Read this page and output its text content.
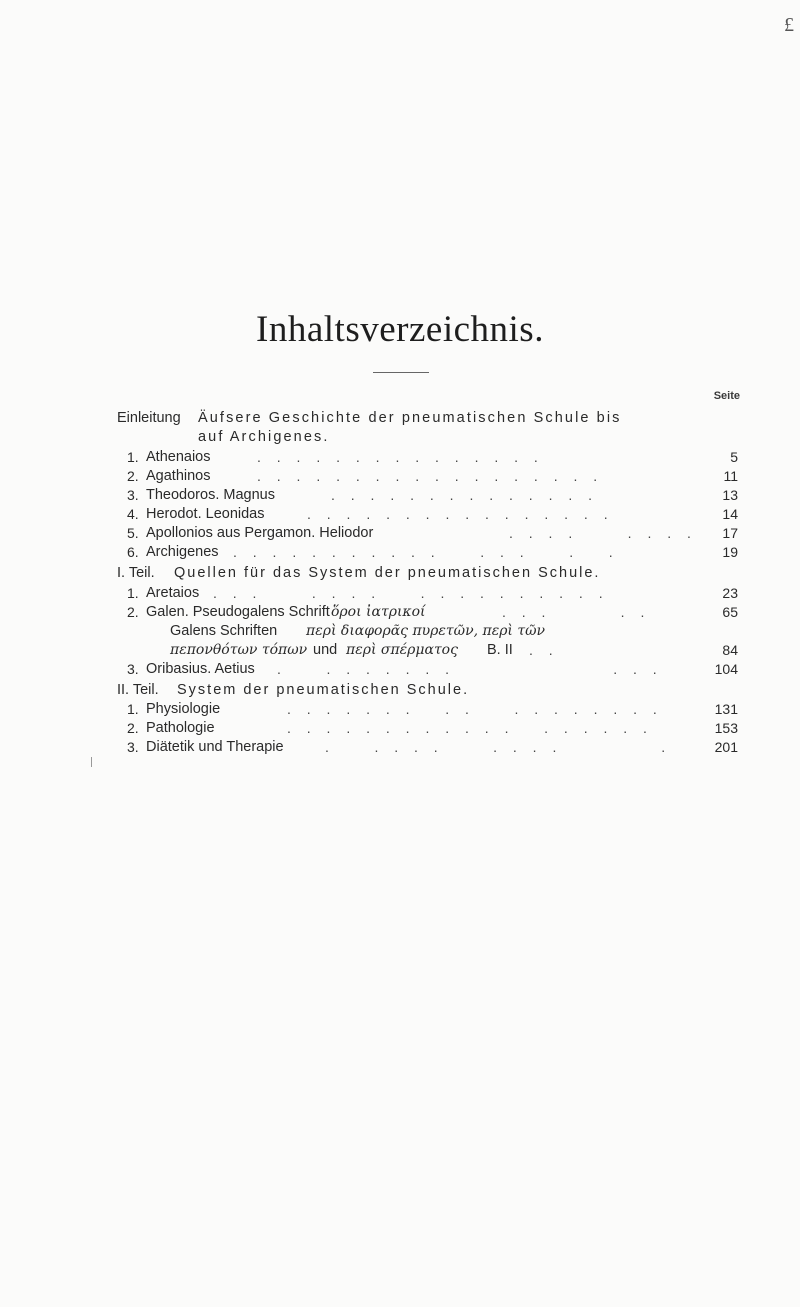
£
Inhaltsverzeichnis.
Seite
Einleitung Äufsere Geschichte der pneumatischen Schule bis
auf Archigenes.
1. Athenaios	. . . . . . . . . . . . . . .	5
2. Agathinos	. . . . . . . . . . . . . . . . . .	11
3. Theodoros. Magnus	. . . . . . . . . . . . . .	13
4. Herodot. Leonidas	. . . . . . . . . . . . . . . .	14
5. Apollonios aus Pergamon. Heliodor	. . . .     . . . .	17
6. Archigenes . . . . . . . . . . .    . . .    .   .	19
I. Teil. Quellen für das System der pneumatischen Schule.
1. Aretaios . . .     . . . .    . . . . . . . . . .	23
2. Galen. Pseudogalens Schrift ὅροι ἰατρικοί	. . .       . .	65
Galens Schriften περὶ διαφορᾶς πυρετῶν, περὶ τῶν
πεπονθότων τόπων und περὶ σπέρματος B. II . .	84
3. Oribasius. Aetius .    . . . . . . .                . . .	104
II. Teil. System der pneumatischen Schule.
1. Physiologie	. . . . . . .   . .    . . . . . . . .	131
2. Pathologie	. . . . . . . . . . . .   . . . . . .	153
3. Diätetik und Therapie	.    . . . .     . . . .          .	201
